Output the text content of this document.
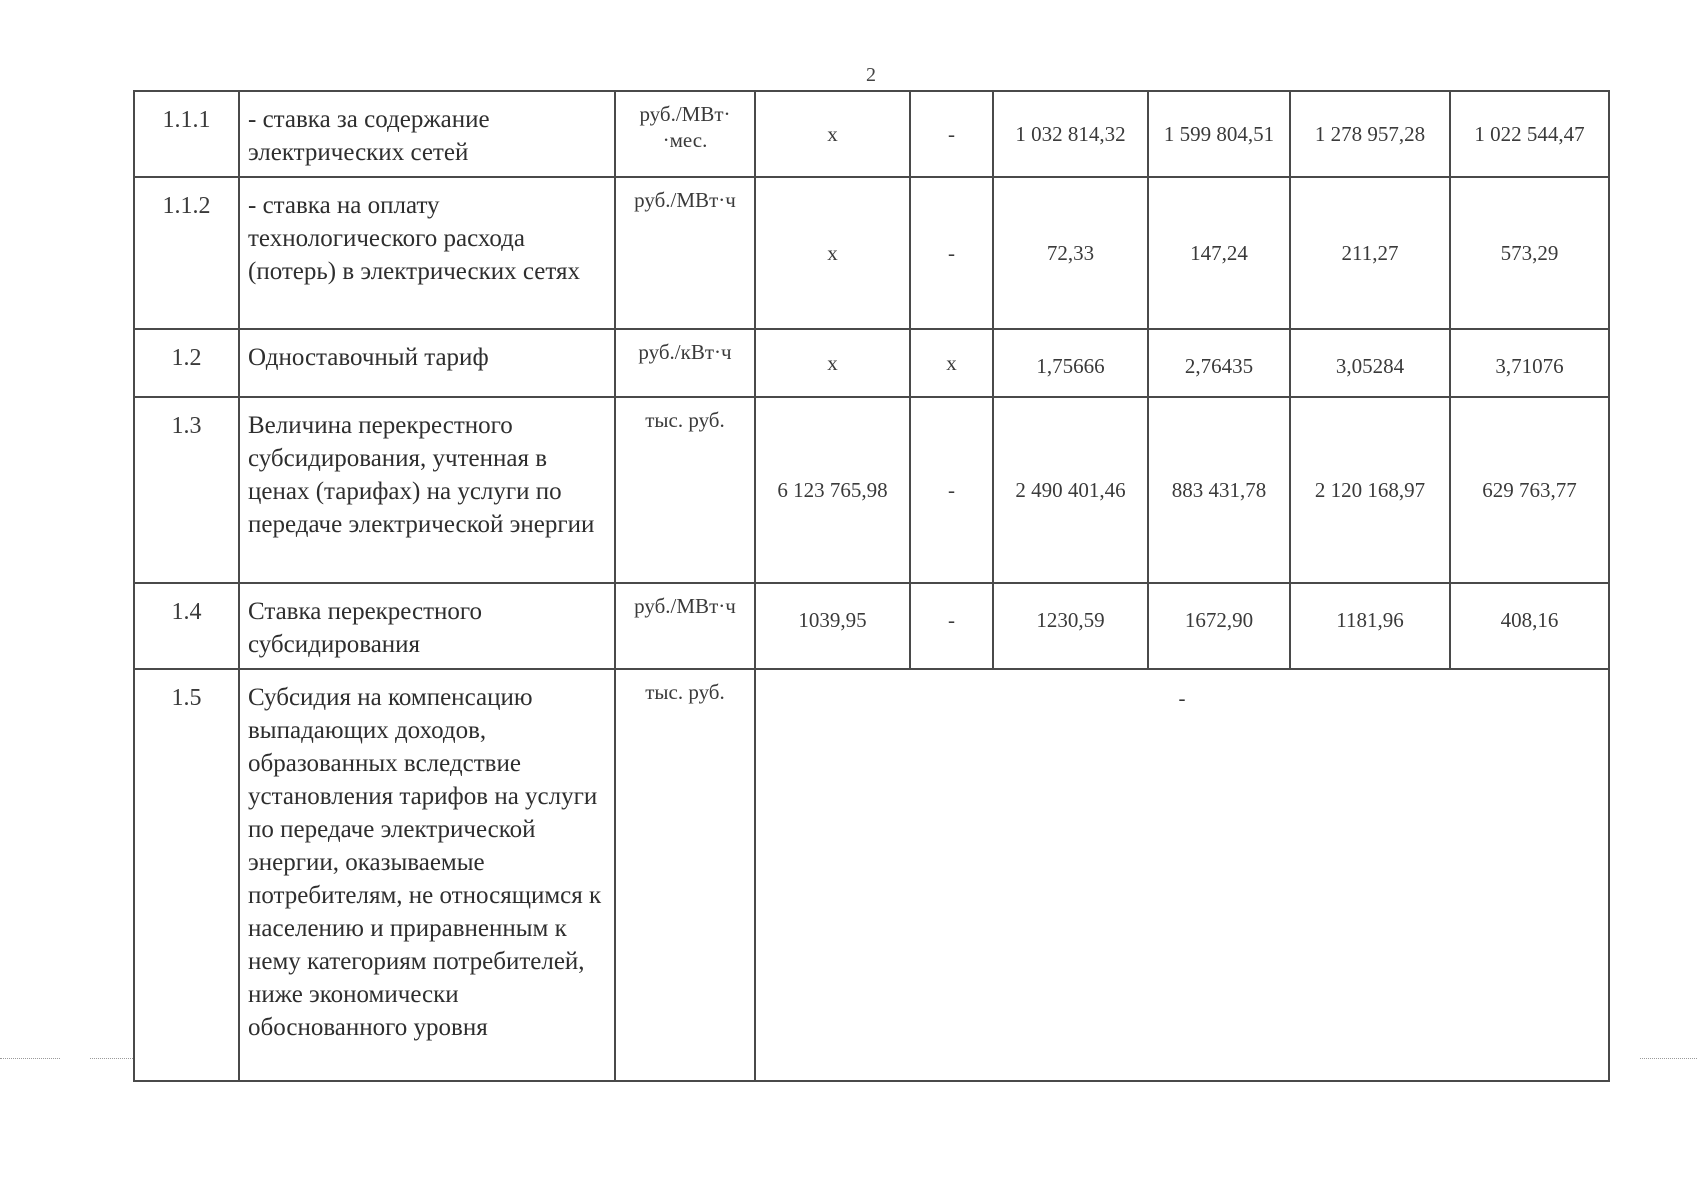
2
1.1.1	- ставка за содержание электрических сетей	руб./МВт· ·мес.	x	-	1 032 814,32	1 599 804,51	1 278 957,28	1 022 544,47
1.1.2	- ставка на оплату технологического расхода (потерь) в электрических сетях	руб./МВт·ч	x	-	72,33	147,24	211,27	573,29
1.2	Одноставочный тариф	руб./кВт·ч	x	x	1,75666	2,76435	3,05284	3,71076
1.3	Величина перекрестного субсидирования, учтенная в ценах (тарифах) на услуги по передаче электрической энергии	тыс. руб.	6 123 765,98	-	2 490 401,46	883 431,78	2 120 168,97	629 763,77
1.4	Ставка перекрестного субсидирования	руб./МВт·ч	1039,95	-	1230,59	1672,90	1181,96	408,16
1.5	Субсидия на компенсацию выпадающих доходов, образованных вследствие установления тарифов на услуги по передаче электрической энергии, оказываемые потребителям, не относящимся к населению и приравненным к нему категориям потребителей, ниже экономически обоснованного уровня	тыс. руб.	-					
